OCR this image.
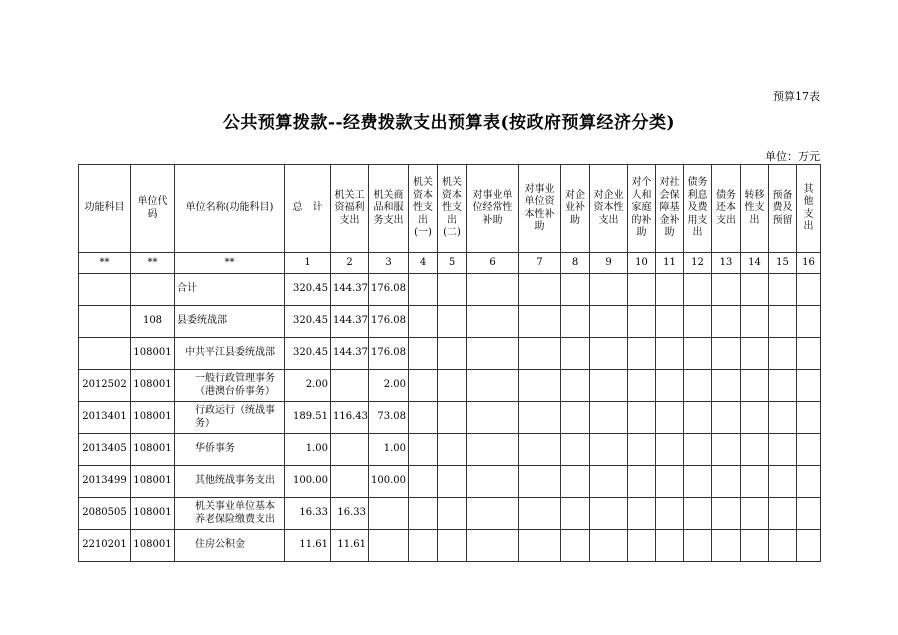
预算17表
公共预算拨款--经费拨款支出预算表(按政府预算经济分类)
单位：万元
功能科目	单位代码	单位名称(功能科目)	总　计	机关工资福利支出	机关商品和服务支出	机关资本性支出(一)	机关资本性支出(二)	对事业单位经常性补助	对事业单位资本性补助	对企业补助	对企业资本性支出	对个人和家庭的补助	对社会保障基金补助	债务利息及费用支出	债务还本支出	转移性支出	预备费及预留	其他支出
**	**	**	1	2	3	4	5	6	7	8	9	10	11	12	13	14	15	16
		合计	320.45	144.37	176.08													
	108	县委统战部	320.45	144.37	176.08													
	108001	中共平江县委统战部	320.45	144.37	176.08													
2012502	108001	一般行政管理事务（港澳台侨事务）	2.00		2.00													
2013401	108001	行政运行（统战事务）	189.51	116.43	73.08													
2013405	108001	华侨事务	1.00		1.00													
2013499	108001	其他统战事务支出	100.00		100.00													
2080505	108001	机关事业单位基本养老保险缴费支出	16.33	16.33														
2210201	108001	住房公积金	11.61	11.61														
